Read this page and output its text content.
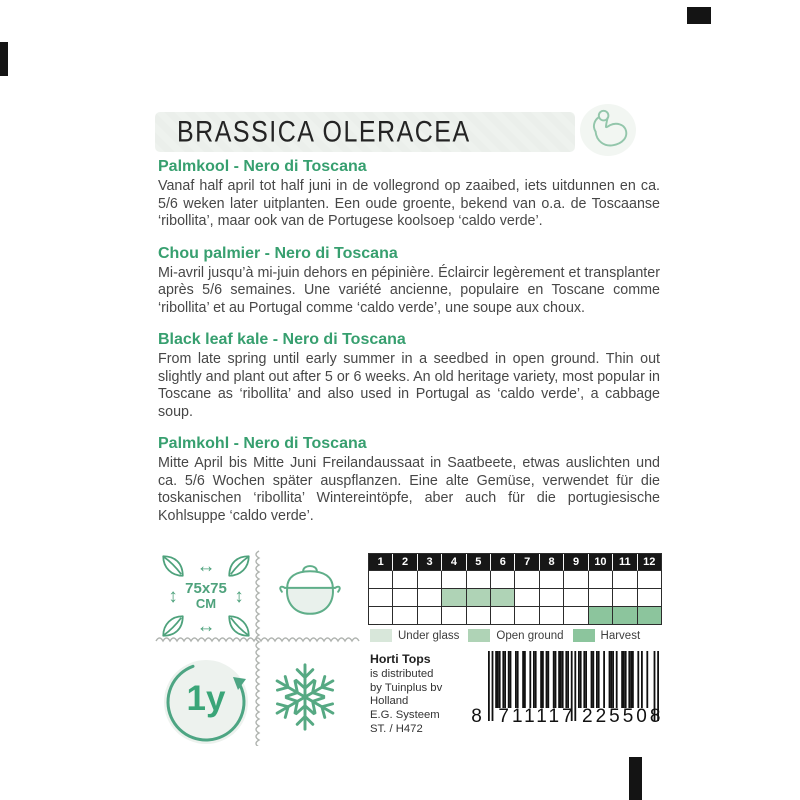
BRASSICA OLERACEA
Palmkool - Nero di Toscana

Vanaf half april tot half juni in de vollegrond op zaaibed, iets uitdunnen en ca. 5/6 weken later uitplanten. Een oude groente, bekend van o.a. de Toscaanse ‘ribollita’, maar ook van de Portugese koolsoep ‘caldo verde’.

Chou palmier - Nero di Toscana

Mi-avril jusqu’à mi-juin dehors en pépinière. Éclaircir legèrement et transplanter après 5/6 semaines. Une variété ancienne, populaire en Toscane comme ‘ribollita’ et au Portugal comme ‘caldo verde’, une soupe aux choux.

Black leaf kale - Nero di Toscana

From late spring until early summer in a seedbed in open ground. Thin out slightly and plant out after 5 or 6 weeks. An old heritage variety, most popular in Toscane as ‘ribollita’ and also used in Portugal as ‘caldo verde’, a cabbage soup.

Palmkohl - Nero di Toscana

Mitte April bis Mitte Juni Freilandaussaat in Saatbeete, etwas auslichten und ca. 5/6 Wochen später auspflanzen. Eine alte Gemüse, verwendet für die toskanischen ‘ribollita’ Wintereintöpfe, aber auch für die portugiesische Kohlsuppe ‘caldo verde’.

↔
↕ 75x75
CM ↕
↔
1	2	3	4	5	6	7	8	9	10	11	12
Under glass	Open ground	Harvest
1y
Horti Tops
is distributed
by Tuinplus bv
Holland
E.G. Systeem
ST. / H472
8 711117 225508
